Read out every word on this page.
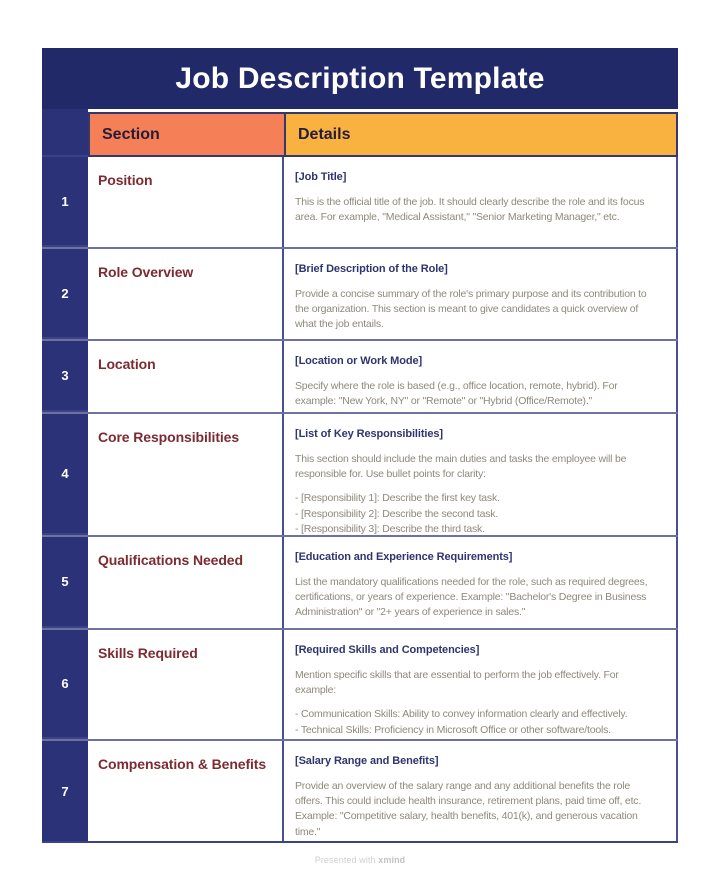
Job Description Template
Section	Details
1
Position	[Job Title]

This is the official title of the job. It should clearly describe the role and its focus area. For example, "Medical Assistant," "Senior Marketing Manager," etc.

2
Role Overview	[Brief Description of the Role]

Provide a concise summary of the role's primary purpose and its contribution to the organization. This section is meant to give candidates a quick overview of what the job entails.

3
Location	[Location or Work Mode]

Specify where the role is based (e.g., office location, remote, hybrid). For example: "New York, NY" or "Remote" or "Hybrid (Office/Remote)."

4
Core Responsibilities	[List of Key Responsibilities]

This section should include the main duties and tasks the employee will be responsible for. Use bullet points for clarity:

- [Responsibility 1]: Describe the first key task.
- [Responsibility 2]: Describe the second task.
- [Responsibility 3]: Describe the third task.
5
Qualifications Needed	[Education and Experience Requirements]

List the mandatory qualifications needed for the role, such as required degrees, certifications, or years of experience. Example: "Bachelor's Degree in Business Administration" or "2+ years of experience in sales."

6
Skills Required	[Required Skills and Competencies]

Mention specific skills that are essential to perform the job effectively. For example:

- Communication Skills: Ability to convey information clearly and effectively.
- Technical Skills: Proficiency in Microsoft Office or other software/tools.
7
Compensation & Benefits	[Salary Range and Benefits]

Provide an overview of the salary range and any additional benefits the role offers. This could include health insurance, retirement plans, paid time off, etc. Example: "Competitive salary, health benefits, 401(k), and generous vacation time."

Presented with xmind
